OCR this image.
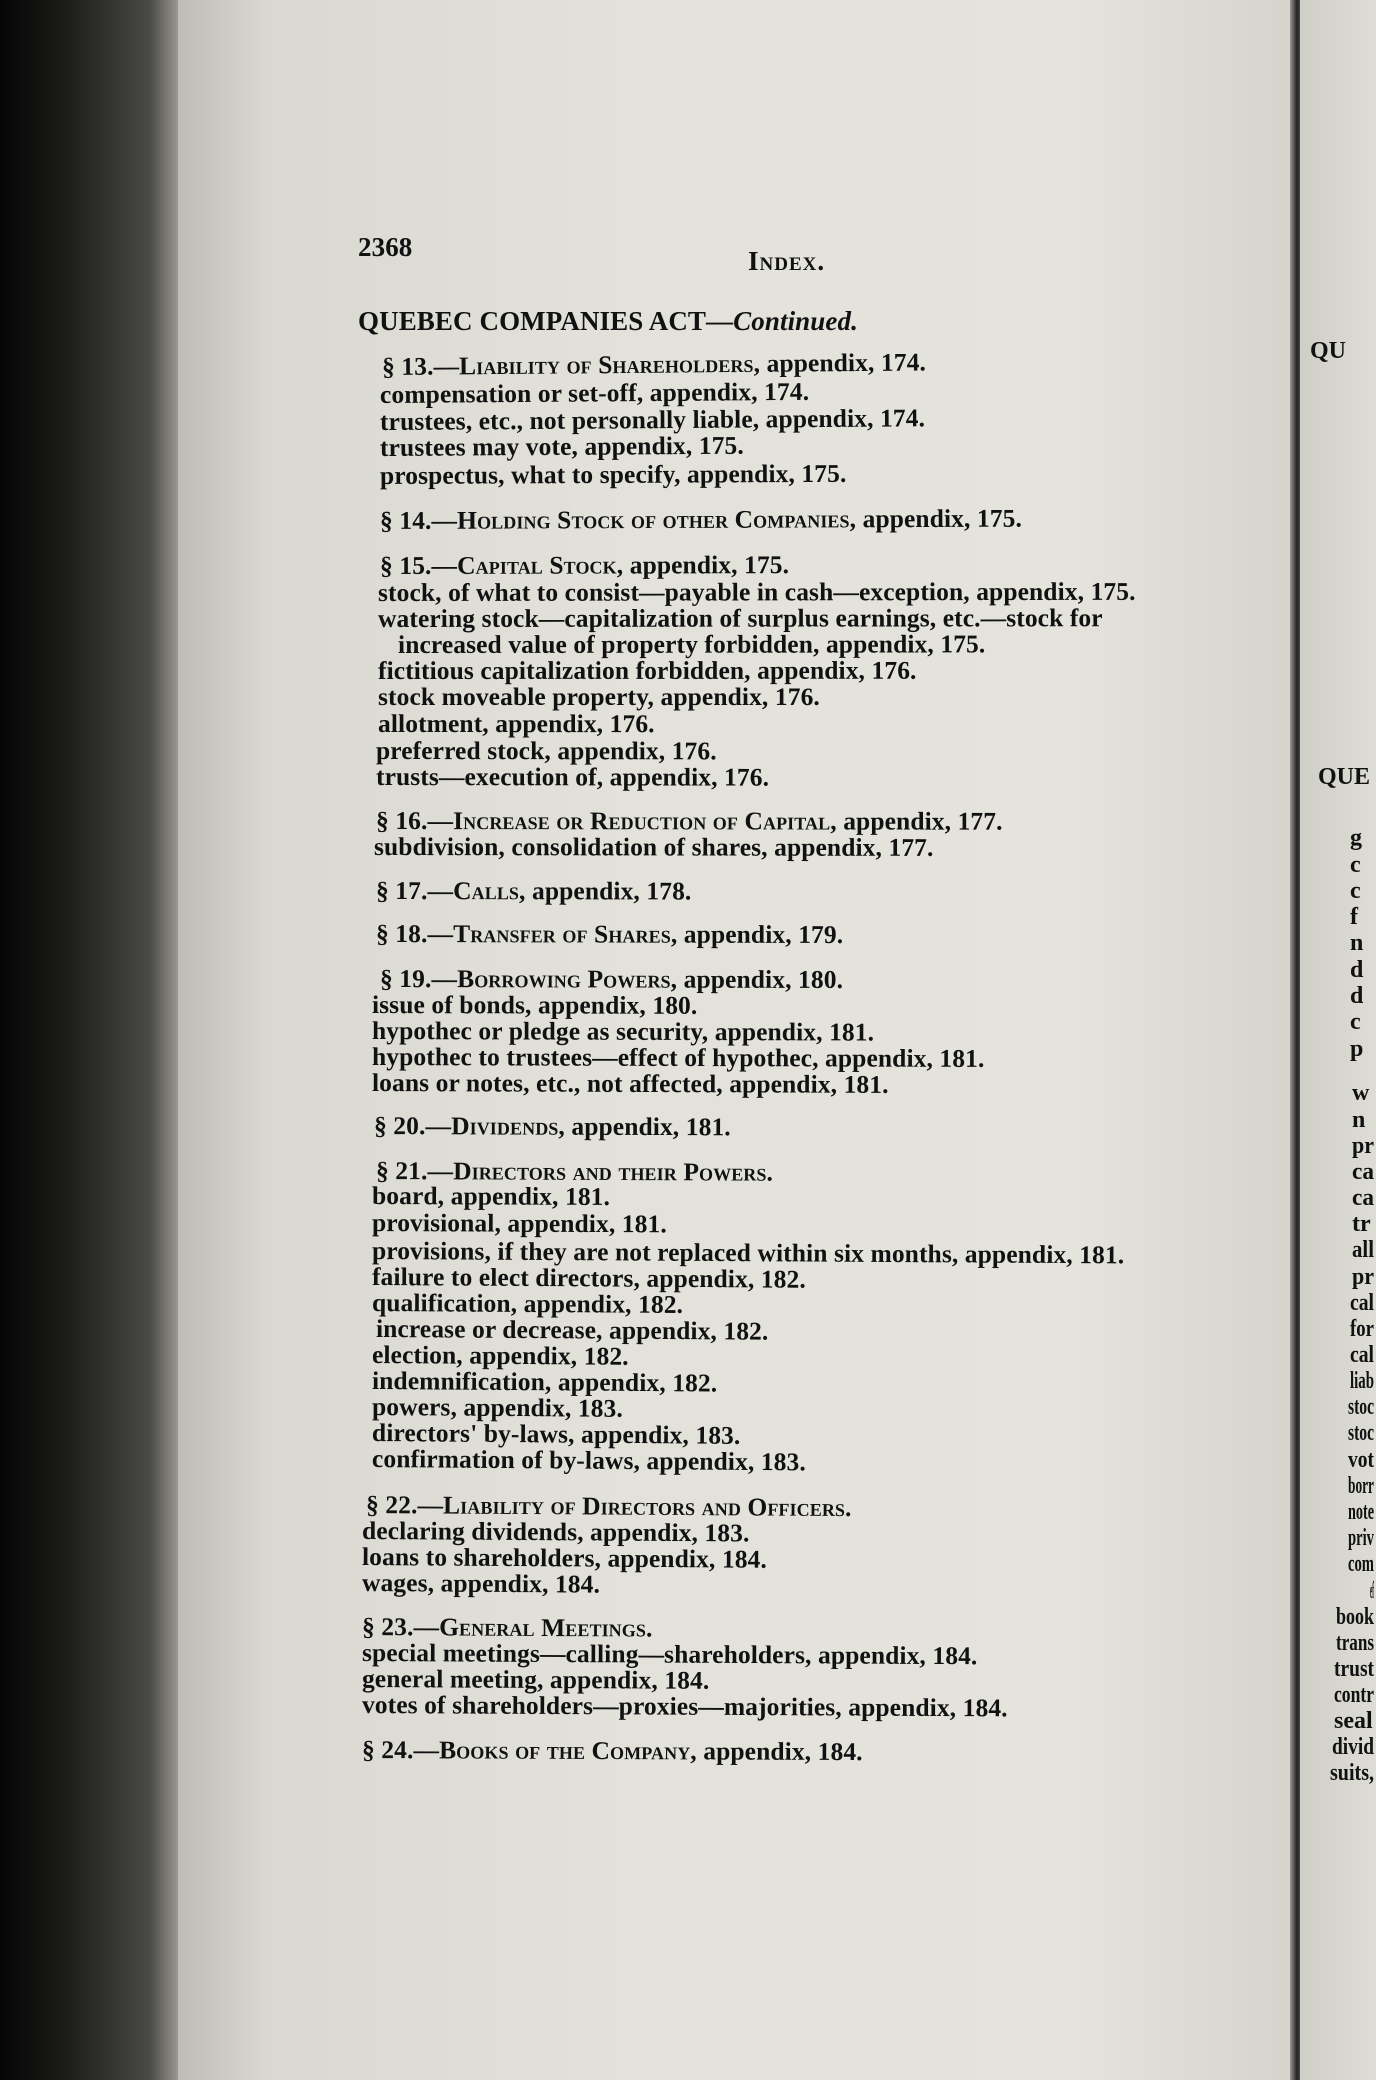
2368	Index.
QUEBEC COMPANIES ACT—Continued.
§ 13.—Liability of Shareholders, appendix, 174.
compensation or set-off, appendix, 174.
trustees, etc., not personally liable, appendix, 174.
trustees may vote, appendix, 175.
prospectus, what to specify, appendix, 175.
§ 14.—Holding Stock of other Companies, appendix, 175.
§ 15.—Capital Stock, appendix, 175.
stock, of what to consist—payable in cash—exception, appendix, 175.
watering stock—capitalization of surplus earnings, etc.—stock for
increased value of property forbidden, appendix, 175.
fictitious capitalization forbidden, appendix, 176.
stock moveable property, appendix, 176.
allotment, appendix, 176.
preferred stock, appendix, 176.
trusts—execution of, appendix, 176.
§ 16.—Increase or Reduction of Capital, appendix, 177.
subdivision, consolidation of shares, appendix, 177.
§ 17.—Calls, appendix, 178.
§ 18.—Transfer of Shares, appendix, 179.
§ 19.—Borrowing Powers, appendix, 180.
issue of bonds, appendix, 180.
hypothec or pledge as security, appendix, 181.
hypothec to trustees—effect of hypothec, appendix, 181.
loans or notes, etc., not affected, appendix, 181.
§ 20.—Dividends, appendix, 181.
§ 21.—Directors and their Powers.
board, appendix, 181.
provisional, appendix, 181.
provisions, if they are not replaced within six months, appendix, 181.
failure to elect directors, appendix, 182.
qualification, appendix, 182.
increase or decrease, appendix, 182.
election, appendix, 182.
indemnification, appendix, 182.
powers, appendix, 183.
directors' by-laws, appendix, 183.
confirmation of by-laws, appendix, 183.
§ 22.—Liability of Directors and Officers.
declaring dividends, appendix, 183.
loans to shareholders, appendix, 184.
wages, appendix, 184.
§ 23.—General Meetings.
special meetings—calling—shareholders, appendix, 184.
general meeting, appendix, 184.
votes of shareholders—proxies—majorities, appendix, 184.
§ 24.—Books of the Company, appendix, 184.
QU
QUE
g
c
c
f
n
d
d
c
p
w
n
pr
ca
ca
tr
all
pr
cal
for
cal
liab
stoc
stoc
vot
borr
note
priv
com
ef
book
trans
trust
contr
seal
divid
suits,
